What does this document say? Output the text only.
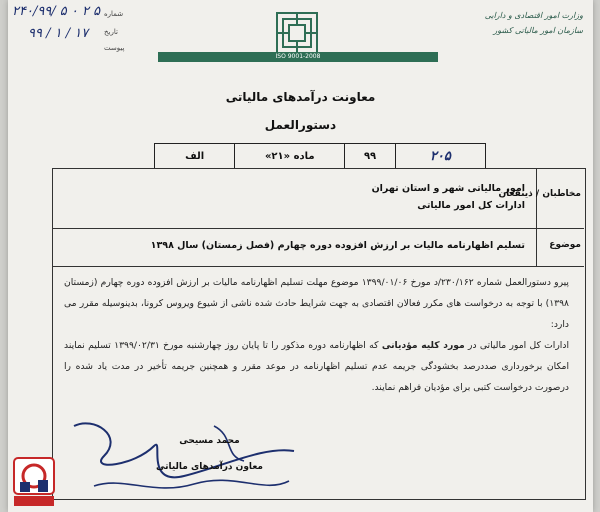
۲۴۰/۹۹/ ۵ ۰ ۲ ۵
۹۹ / ۱ / ۱۷
شماره
تاریخ
پیوست
وزارت امور اقتصادی و دارایی
سازمان امور مالیاتی کشور
ISO 9001-2008
معاونت درآمدهای مالیاتی
دستورالعمل
۲۰۵
۹۹
ماده «۲۱»
الف
مخاطبان / ذینفعان
امور مالیاتی شهر و استان تهران
ادارات کل امور مالیاتی
موضوع
تسلیم اظهارنامه مالیات بر ارزش افزوده دوره چهارم (فصل زمستان) سال ۱۳۹۸

پیرو دستورالعمل شماره ۲۳۰/۱۶۲/د مورخ ۱۳۹۹/۰۱/۰۶ موضوع مهلت تسلیم اظهارنامه مالیات بر ارزش افزوده دوره چهارم (زمستان ۱۳۹۸) با توجه به درخواست های مکرر فعالان اقتصادی به جهت شرایط حادث شده ناشی از شیوع ویروس کرونا، بدینوسیله مقرر می دارد:

ادارات کل امور مالیاتی در مورد کلیه مؤدیانی که اظهارنامه دوره مذکور را تا پایان روز چهارشنبه مورخ ۱۳۹۹/۰۲/۳۱ تسلیم نمایند امکان برخورداری صددرصد بخشودگی جریمه عدم تسلیم اظهارنامه در موعد مقرر و همچنین جریمه تأخیر در مدت یاد شده را درصورت درخواست کتبی برای مؤدیان فراهم نمایند.

محمد مسیحی
معاون درآمدهای مالیاتی
